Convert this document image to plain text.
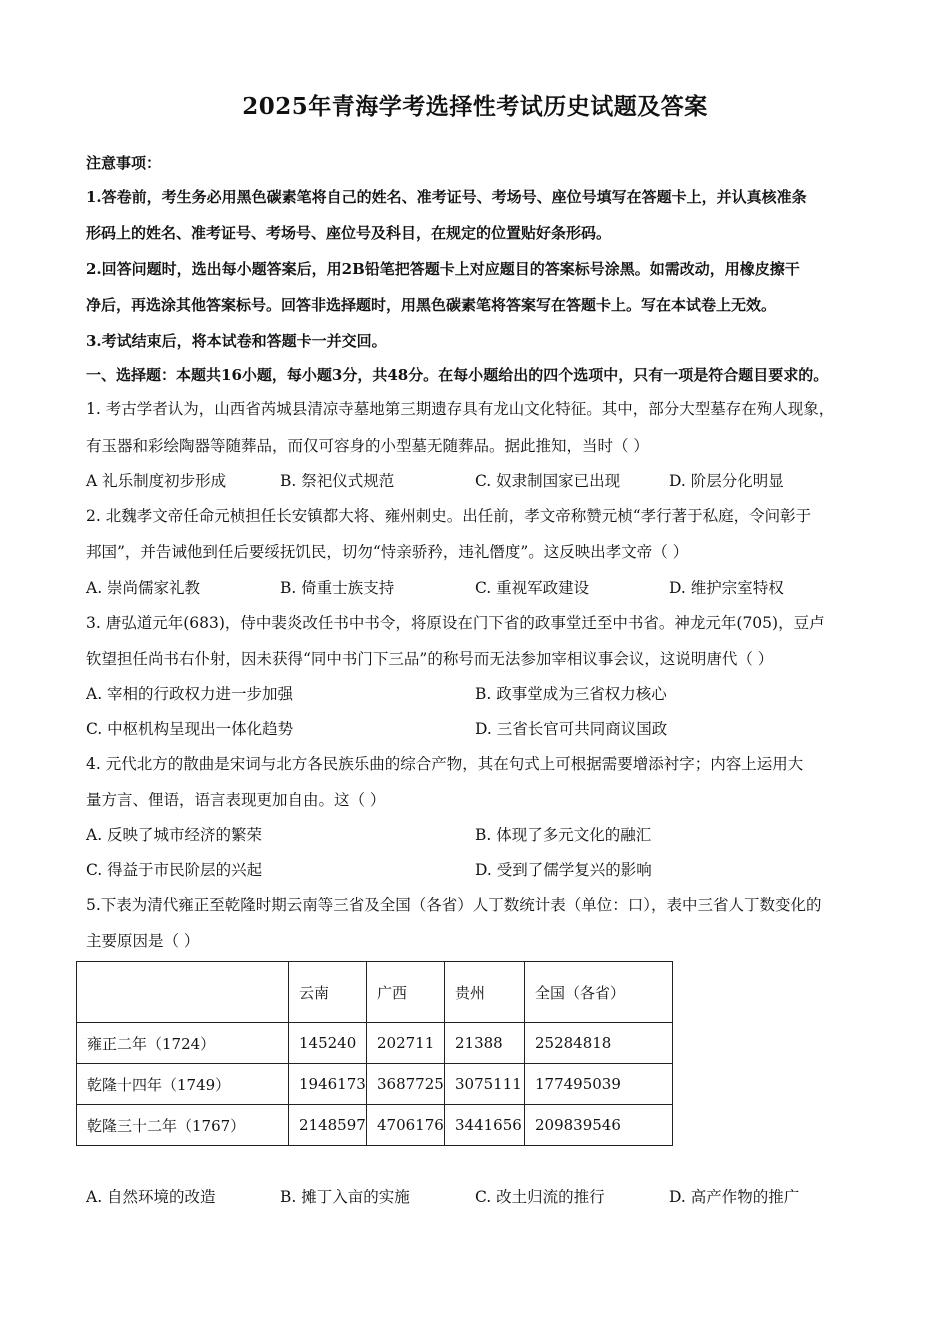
2025年青海学考选择性考试历史试题及答案
注意事项：
1.答卷前，考生务必用黑色碳素笔将自己的姓名、准考证号、考场号、座位号填写在答题卡上，并认真核准条
形码上的姓名、准考证号、考场号、座位号及科目，在规定的位置贴好条形码。
2.回答问题时，选出每小题答案后，用2B铅笔把答题卡上对应题目的答案标号涂黑。如需改动，用橡皮擦干
净后，再选涂其他答案标号。回答非选择题时，用黑色碳素笔将答案写在答题卡上。写在本试卷上无效。
3.考试结束后，将本试卷和答题卡一并交回。
一、选择题：本题共16小题，每小题3分，共48分。在每小题给出的四个选项中，只有一项是符合题目要求的。
1. 考古学者认为，山西省芮城县清凉寺墓地第三期遗存具有龙山文化特征。其中，部分大型墓存在殉人现象，
有玉器和彩绘陶器等随葬品，而仅可容身的小型墓无随葬品。据此推知，当时（ ）
A 礼乐制度初步形成	B. 祭祀仪式规范	C. 奴隶制国家已出现	D. 阶层分化明显
2. 北魏孝文帝任命元桢担任长安镇都大将、雍州刺史。出任前，孝文帝称赞元桢“孝行著于私庭，令问彰于
邦国”，并告诫他到任后要绥抚饥民，切勿“恃亲骄矜，违礼僭度”。这反映出孝文帝（ ）
A. 崇尚儒家礼教	B. 倚重士族支持	C. 重视军政建设	D. 维护宗室特权
3. 唐弘道元年(683)，侍中裴炎改任书中书令，将原设在门下省的政事堂迁至中书省。神龙元年(705)，豆卢
钦望担任尚书右仆射，因未获得“同中书门下三品”的称号而无法参加宰相议事会议，这说明唐代（ ）
A. 宰相的行政权力进一步加强	B. 政事堂成为三省权力核心
C. 中枢机构呈现出一体化趋势	D. 三省长官可共同商议国政
4. 元代北方的散曲是宋词与北方各民族乐曲的综合产物，其在句式上可根据需要增添衬字；内容上运用大
量方言、俚语，语言表现更加自由。这（ ）
A. 反映了城市经济的繁荣	B. 体现了多元文化的融汇
C. 得益于市民阶层的兴起	D. 受到了儒学复兴的影响
5.下表为清代雍正至乾隆时期云南等三省及全国（各省）人丁数统计表（单位：口），表中三省人丁数变化的
主要原因是（ ）
	云南	广西	贵州	全国（各省）
雍正二年（1724）	145240	202711	21388	25284818
乾隆十四年（1749）	1946173	3687725	3075111	177495039
乾隆三十二年（1767）	2148597	4706176	3441656	209839546
A. 自然环境的改造	B. 摊丁入亩的实施	C. 改土归流的推行	D. 高产作物的推广
